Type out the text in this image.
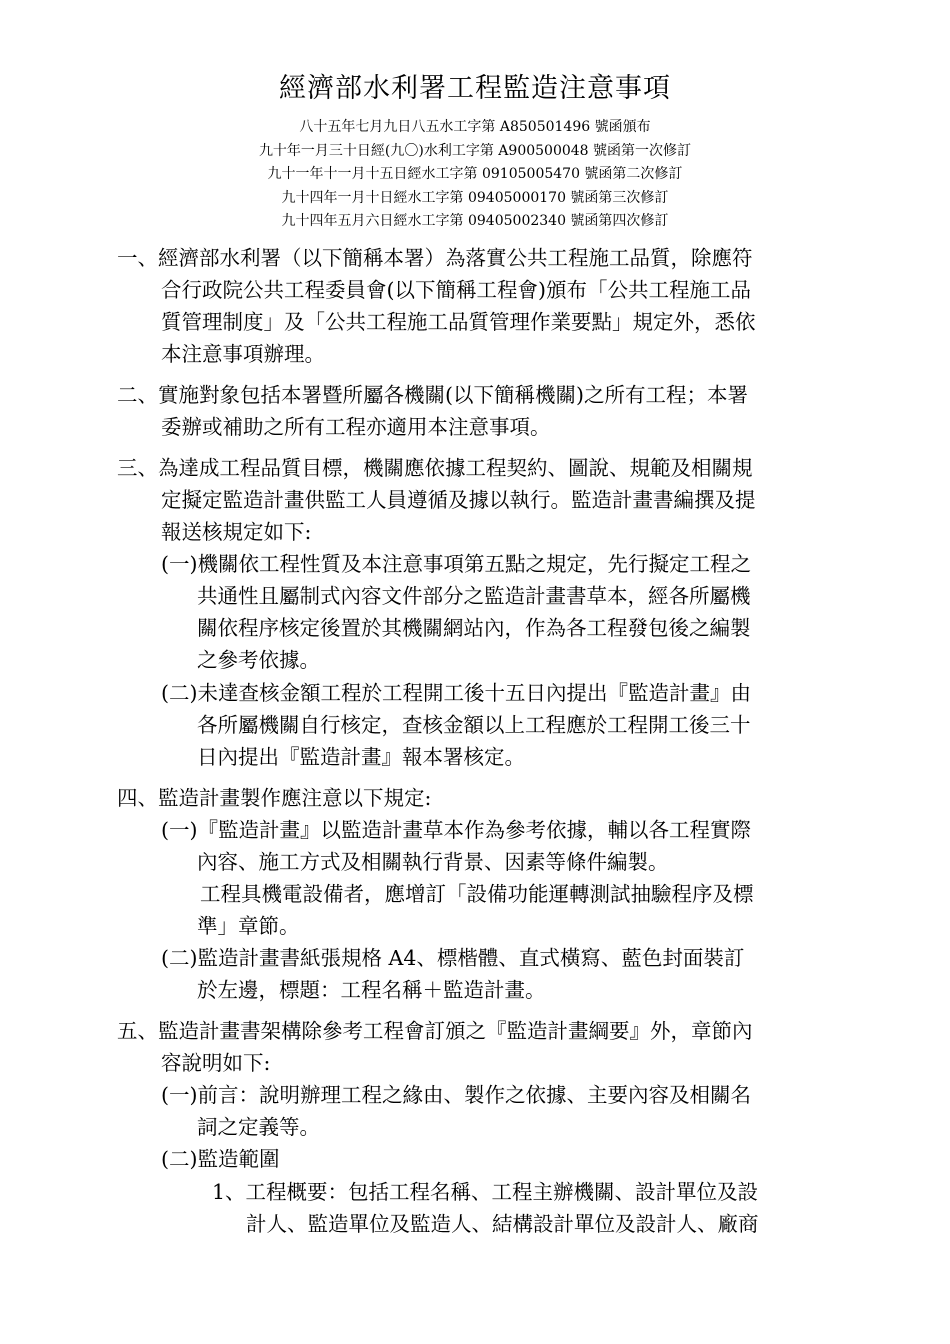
經濟部水利署工程監造注意事項
八十五年七月九日八五水工字第 A850501496 號函頒布
九十年一月三十日經(九〇)水利工字第 A900500048 號函第一次修訂
九十一年十一月十五日經水工字第 09105005470 號函第二次修訂
九十四年一月十日經水工字第 09405000170 號函第三次修訂
九十四年五月六日經水工字第 09405002340 號函第四次修訂
一、經濟部水利署（以下簡稱本署）為落實公共工程施工品質，除應符
合行政院公共工程委員會(以下簡稱工程會)頒布「公共工程施工品
質管理制度」及「公共工程施工品質管理作業要點」規定外，悉依
本注意事項辦理。
二、實施對象包括本署暨所屬各機關(以下簡稱機關)之所有工程；本署
委辦或補助之所有工程亦適用本注意事項。
三、為達成工程品質目標，機關應依據工程契約、圖說、規範及相關規
定擬定監造計畫供監工人員遵循及據以執行。監造計畫書編撰及提
報送核規定如下:
(一)機關依工程性質及本注意事項第五點之規定，先行擬定工程之
共通性且屬制式內容文件部分之監造計畫書草本，經各所屬機
關依程序核定後置於其機關網站內，作為各工程發包後之編製
之參考依據。
(二)未達查核金額工程於工程開工後十五日內提出『監造計畫』由
各所屬機關自行核定，查核金額以上工程應於工程開工後三十
日內提出『監造計畫』報本署核定。
四、監造計畫製作應注意以下規定:
(一)『監造計畫』以監造計畫草本作為參考依據，輔以各工程實際
內容、施工方式及相關執行背景、因素等條件編製。
工程具機電設備者，應增訂「設備功能運轉測試抽驗程序及標
準」章節。
(二)監造計畫書紙張規格 A4、標楷體、直式橫寫、藍色封面裝訂
於左邊，標題：工程名稱＋監造計畫。
五、監造計畫書架構除參考工程會訂頒之『監造計畫綱要』外，章節內
容說明如下:
(一)前言：說明辦理工程之緣由、製作之依據、主要內容及相關名
詞之定義等。
(二)監造範圍
1、工程概要：包括工程名稱、工程主辦機關、設計單位及設
計人、監造單位及監造人、結構設計單位及設計人、廠商
